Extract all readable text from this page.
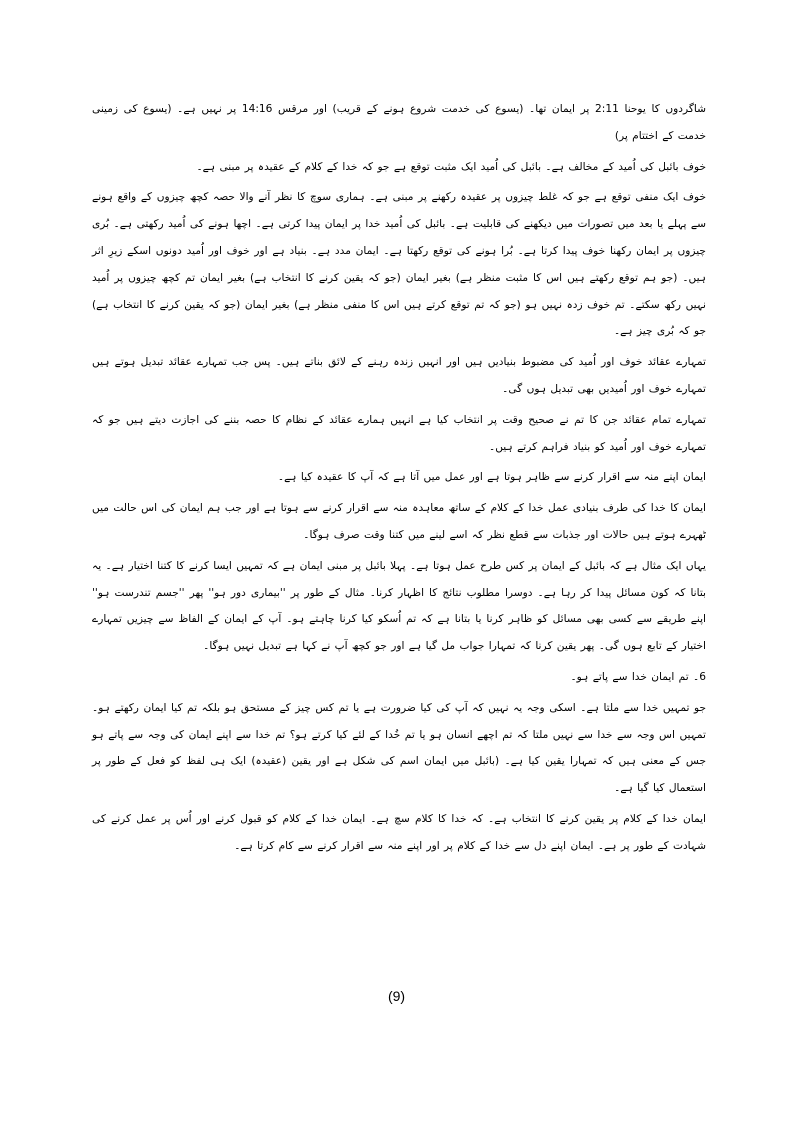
شاگردوں کا یوحنا 2:11 پر ایمان تھا۔ (یسوع کی خدمت شروع ہونے کے قریب) اور مرقس 14:16 پر نہیں ہے۔ (یسوع کی زمینی خدمت کے اختتام پر)

خوف بائبل کی اُمید کے مخالف ہے۔ بائبل کی اُمید ایک مثبت توقع ہے جو کہ خدا کے کلام کے عقیدہ پر مبنی ہے۔

خوف ایک منفی توقع ہے جو کہ غلط چیزوں پر عقیدہ رکھنے پر مبنی ہے۔ ہماری سوچ کا نظر آنے والا حصہ کچھ چیزوں کے واقع ہونے سے پہلے یا بعد میں تصورات میں دیکھنے کی قابلیت ہے۔ بائبل کی اُمید خدا پر ایمان پیدا کرتی ہے۔ اچھا ہونے کی اُمید رکھتی ہے۔ بُری چیزوں پر ایمان رکھنا خوف پیدا کرتا ہے۔ بُرا ہونے کی توقع رکھتا ہے۔ ایمان مدد ہے۔ بنیاد ہے اور خوف اور اُمید دونوں اسکے زیرِ اثر ہیں۔ (جو ہم توقع رکھتے ہیں اس کا مثبت منظر ہے) بغیر ایمان (جو کہ یقین کرنے کا انتخاب ہے) بغیر ایمان تم کچھ چیزوں پر اُمید نہیں رکھ سکتے۔ تم خوف زدہ نہیں ہو (جو کہ تم توقع کرتے ہیں اس کا منفی منظر ہے) بغیر ایمان (جو کہ یقین کرنے کا انتخاب ہے) جو کہ بُری چیز ہے۔

تمہارے عقائد خوف اور اُمید کی مضبوط بنیادیں ہیں اور انہیں زندہ رہنے کے لائق بناتے ہیں۔ پس جب تمہارے عقائد تبدیل ہوتے ہیں تمہارے خوف اور اُمیدیں بھی تبدیل ہوں گی۔

تمہارے تمام عقائد جن کا تم نے صحیح وقت پر انتخاب کیا ہے انہیں ہمارے عقائد کے نظام کا حصہ بننے کی اجازت دیتے ہیں جو کہ تمہارے خوف اور اُمید کو بنیاد فراہم کرتے ہیں۔

ایمان اپنے منہ سے اقرار کرنے سے ظاہر ہوتا ہے اور عمل میں آتا ہے کہ آپ کا عقیدہ کیا ہے۔

ایمان کا خدا کی طرف بنیادی عمل خدا کے کلام کے ساتھ معاہدہ منہ سے اقرار کرنے سے ہوتا ہے اور جب ہم ایمان کی اس حالت میں ٹھہرے ہوتے ہیں حالات اور جذبات سے قطع نظر کہ اسے لینے میں کتنا وقت صرف ہوگا۔

یہاں ایک مثال ہے کہ بائبل کے ایمان پر کس طرح عمل ہوتا ہے۔ پہلا بائبل پر مبنی ایمان ہے کہ تمہیں ایسا کرنے کا کتنا اختیار ہے۔ یہ بتانا کہ کون مسائل پیدا کر رہا ہے۔ دوسرا مطلوب نتائج کا اظہار کرنا۔ مثال کے طور پر ''بیماری دور ہو'' پھر ''جسم تندرست ہو'' اپنے طریقے سے کسی بھی مسائل کو ظاہر کرنا یا بتانا ہے کہ تم اُسکو کیا کرنا چاہتے ہو۔ آپ کے ایمان کے الفاظ سے چیزیں تمہارے اختیار کے تابع ہوں گی۔ پھر یقین کرنا کہ تمہارا جواب مل گیا ہے اور جو کچھ آپ نے کہا ہے تبدیل نہیں ہوگا۔

6۔ تم ایمان خدا سے پاتے ہو۔

جو تمہیں خدا سے ملتا ہے۔ اسکی وجہ یہ نہیں کہ آپ کی کیا ضرورت ہے یا تم کس چیز کے مستحق ہو بلکہ تم کیا ایمان رکھتے ہو۔ تمہیں اس وجہ سے خدا سے نہیں ملتا کہ تم اچھے انسان ہو یا تم خُدا کے لئے کیا کرتے ہو؟ تم خدا سے اپنے ایمان کی وجہ سے پاتے ہو جس کے معنی ہیں کہ تمہارا یقین کیا ہے۔ (بائبل میں ایمان اسم کی شکل ہے اور یقین (عقیدہ) ایک ہی لفظ کو فعل کے طور پر استعمال کیا گیا ہے۔

ایمان خدا کے کلام پر یقین کرنے کا انتخاب ہے۔ کہ خدا کا کلام سچ ہے۔ ایمان خدا کے کلام کو قبول کرنے اور اُس پر عمل کرنے کی شہادت کے طور پر ہے۔ ایمان اپنے دل سے خدا کے کلام پر اور اپنے منہ سے اقرار کرنے سے کام کرتا ہے۔

(9)
